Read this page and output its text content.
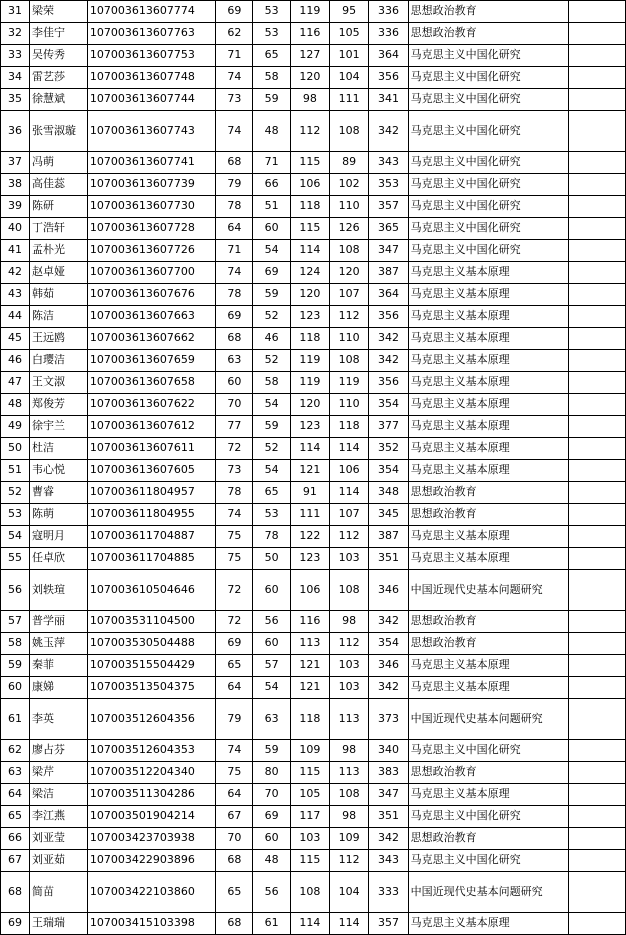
31	梁荣	107003613607774	69	53	119	95	336	思想政治教育	
32	李佳宁	107003613607763	62	53	116	105	336	思想政治教育	
33	吴传秀	107003613607753	71	65	127	101	364	马克思主义中国化研究	
34	雷艺莎	107003613607748	74	58	120	104	356	马克思主义中国化研究	
35	徐慧斌	107003613607744	73	59	98	111	341	马克思主义中国化研究	
36	张雪淑璇	107003613607743	74	48	112	108	342	马克思主义中国化研究	
37	冯萌	107003613607741	68	71	115	89	343	马克思主义中国化研究	
38	高佳蕊	107003613607739	79	66	106	102	353	马克思主义中国化研究	
39	陈研	107003613607730	78	51	118	110	357	马克思主义中国化研究	
40	丁浩轩	107003613607728	64	60	115	126	365	马克思主义中国化研究	
41	孟朴光	107003613607726	71	54	114	108	347	马克思主义中国化研究	
42	赵卓娅	107003613607700	74	69	124	120	387	马克思主义基本原理	
43	韩茹	107003613607676	78	59	120	107	364	马克思主义基本原理	
44	陈洁	107003613607663	69	52	123	112	356	马克思主义基本原理	
45	王远鸥	107003613607662	68	46	118	110	342	马克思主义基本原理	
46	白璎洁	107003613607659	63	52	119	108	342	马克思主义基本原理	
47	王文淑	107003613607658	60	58	119	119	356	马克思主义基本原理	
48	郑俊芳	107003613607622	70	54	120	110	354	马克思主义基本原理	
49	徐宇兰	107003613607612	77	59	123	118	377	马克思主义基本原理	
50	杜洁	107003613607611	72	52	114	114	352	马克思主义基本原理	
51	韦心悦	107003613607605	73	54	121	106	354	马克思主义基本原理	
52	曹睿	107003611804957	78	65	91	114	348	思想政治教育	
53	陈萌	107003611804955	74	53	111	107	345	思想政治教育	
54	寇明月	107003611704887	75	78	122	112	387	马克思主义基本原理	
55	任卓欣	107003611704885	75	50	123	103	351	马克思主义基本原理	
56	刘轶瑄	107003610504646	72	60	106	108	346	中国近现代史基本问题研究	
57	普学丽	107003531104500	72	56	116	98	342	思想政治教育	
58	姚玉萍	107003530504488	69	60	113	112	354	思想政治教育	
59	秦菲	107003515504429	65	57	121	103	346	马克思主义基本原理	
60	康娣	107003513504375	64	54	121	103	342	马克思主义基本原理	
61	李英	107003512604356	79	63	118	113	373	中国近现代史基本问题研究	
62	廖占芬	107003512604353	74	59	109	98	340	马克思主义中国化研究	
63	梁芹	107003512204340	75	80	115	113	383	思想政治教育	
64	梁洁	107003511304286	64	70	105	108	347	马克思主义基本原理	
65	李江燕	107003501904214	67	69	117	98	351	马克思主义中国化研究	
66	刘亚莹	107003423703938	70	60	103	109	342	思想政治教育	
67	刘亚茹	107003422903896	68	48	115	112	343	马克思主义中国化研究	
68	简苗	107003422103860	65	56	108	104	333	中国近现代史基本问题研究	
69	王瑞瑞	107003415103398	68	61	114	114	357	马克思主义基本原理	
